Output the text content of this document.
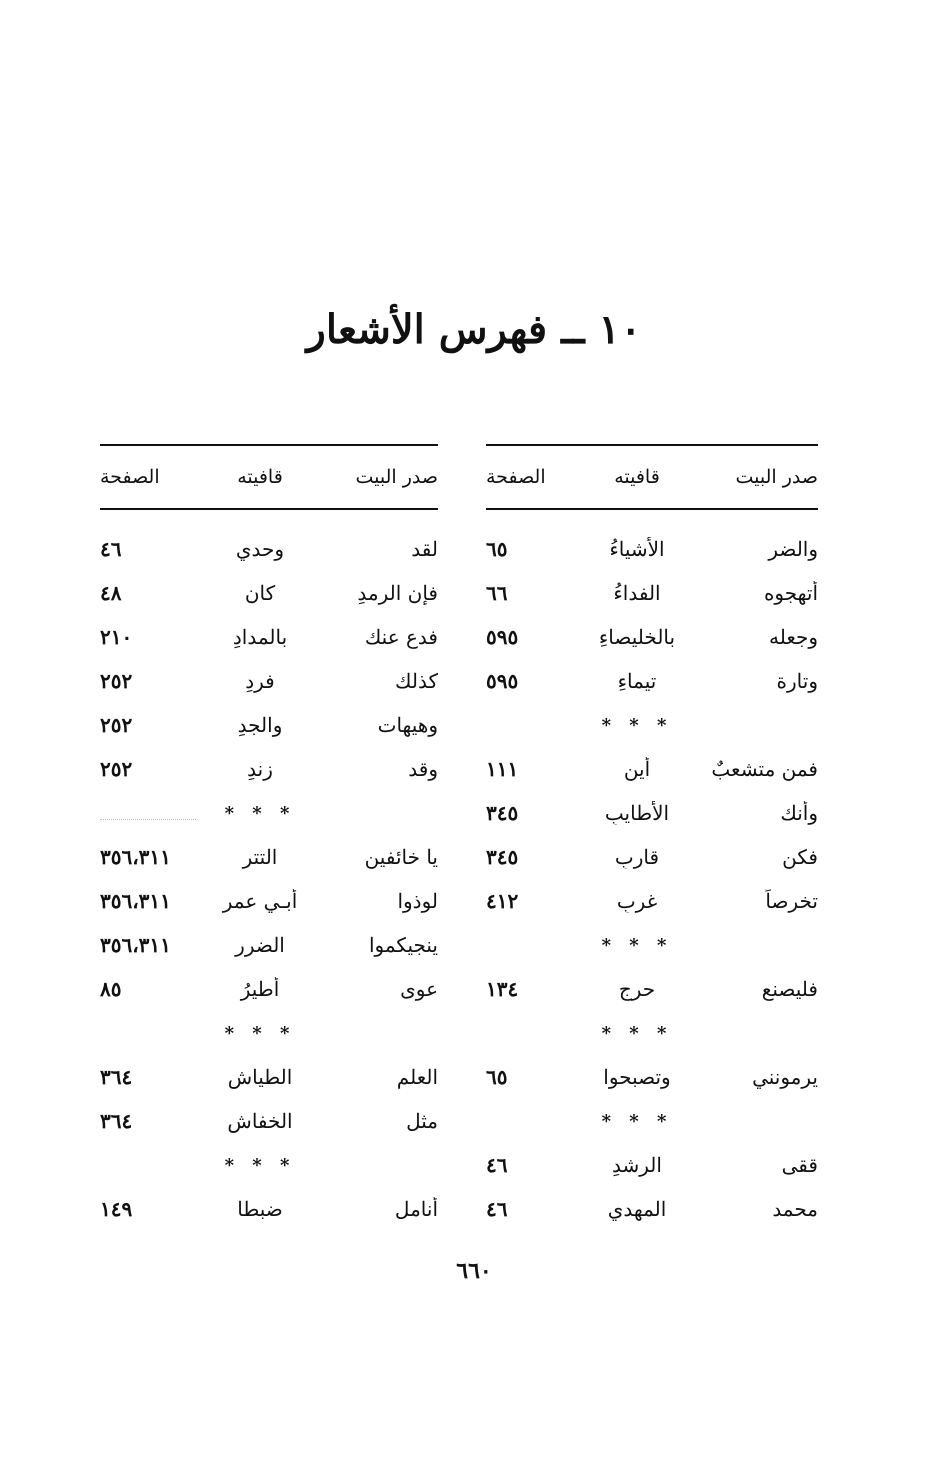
١٠ ــ فهرس الأشعار
صدر البيت
قافيته
الصفحة
والضر
الأشياءُ
٦٥
أتهجوه
الفداءُ
٦٦
وجعله
بالخليصاءِ
٥٩٥
وتارة
تيماءِ
٥٩٥
* * *
فمن متشعبٌ
أين
١١١
وأنك
الأطايبِ
٣٤٥
فكن
قاربِ
٣٤٥
تخرصاً
غربِ
٤١٢
* * *
فليصنع
حرجِ
١٣٤
* * *
يرمونني
وتصبحوا
٦٥
* * *
ققى
الرشدِ
٤٦
محمد
المهدي
٤٦
صدر البيت
قافيته
الصفحة
لقد
وحدي
٤٦
فإن الرمدِ
كان
٤٨
فدع عنك
بالمدادِ
٢١٠
كذلك
فردِ
٢٥٢
وهيهات
والجدِ
٢٥٢
وقد
زندِ
٢٥٢
* * *
يا خائفين
التترِ
٣٥٦،٣١١
لوذوا
أبـي عمرِ
٣٥٦،٣١١
ينجيكموا
الضرر
٣٥٦،٣١١
عوى
أطيرُ
٨٥
* * *
العلم
الطياش
٣٦٤
مثل
الخفاش
٣٦٤
* * *
أنامل
ضبطا
١٤٩

٦٦٠
